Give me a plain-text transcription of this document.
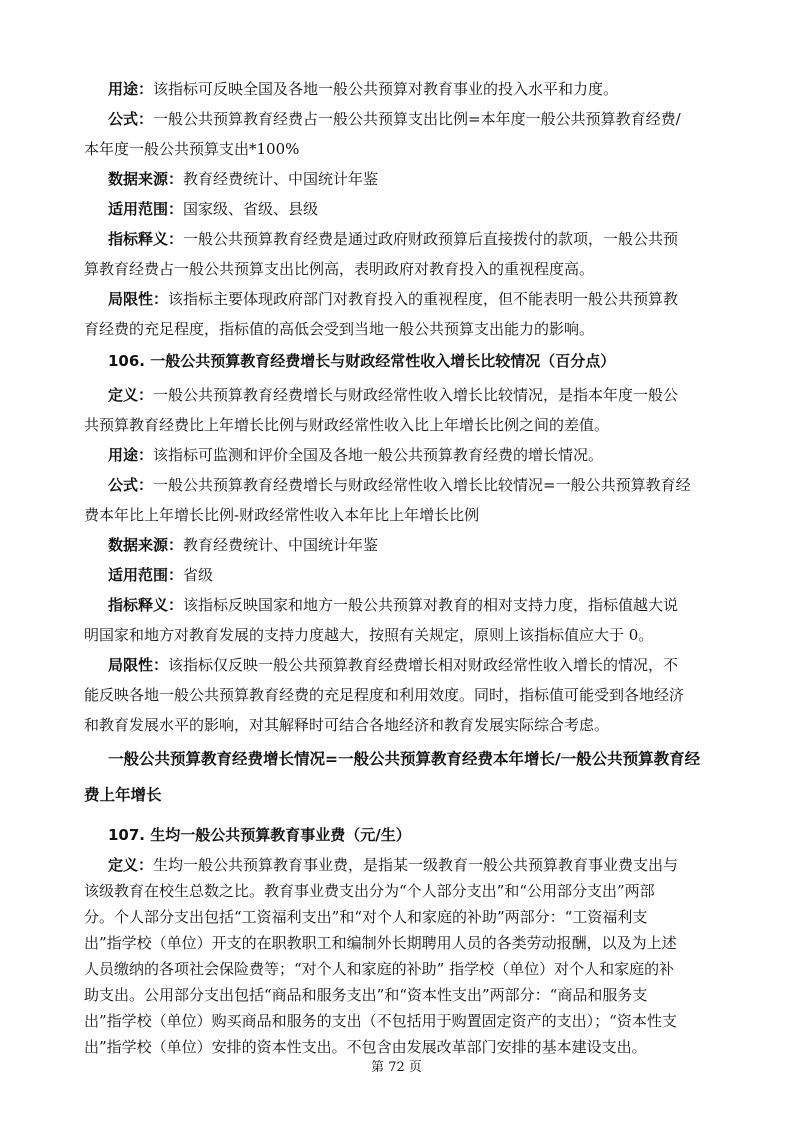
用途：该指标可反映全国及各地一般公共预算对教育事业的投入水平和力度。

公式：一般公共预算教育经费占一般公共预算支出比例=本年度一般公共预算教育经费/

本年度一般公共预算支出*100%

数据来源：教育经费统计、中国统计年鉴

适用范围：国家级、省级、县级

指标释义：一般公共预算教育经费是通过政府财政预算后直接拨付的款项，一般公共预

算教育经费占一般公共预算支出比例高，表明政府对教育投入的重视程度高。

局限性：该指标主要体现政府部门对教育投入的重视程度，但不能表明一般公共预算教

育经费的充足程度，指标值的高低会受到当地一般公共预算支出能力的影响。

106. 一般公共预算教育经费增长与财政经常性收入增长比较情况（百分点）

定义：一般公共预算教育经费增长与财政经常性收入增长比较情况，是指本年度一般公

共预算教育经费比上年增长比例与财政经常性收入比上年增长比例之间的差值。

用途：该指标可监测和评价全国及各地一般公共预算教育经费的增长情况。

公式：一般公共预算教育经费增长与财政经常性收入增长比较情况=一般公共预算教育经

费本年比上年增长比例-财政经常性收入本年比上年增长比例

数据来源：教育经费统计、中国统计年鉴

适用范围：省级

指标释义：该指标反映国家和地方一般公共预算对教育的相对支持力度，指标值越大说

明国家和地方对教育发展的支持力度越大，按照有关规定，原则上该指标值应大于 0。

局限性：该指标仅反映一般公共预算教育经费增长相对财政经常性收入增长的情况，不

能反映各地一般公共预算教育经费的充足程度和利用效度。同时，指标值可能受到各地经济

和教育发展水平的影响，对其解释时可结合各地经济和教育发展实际综合考虑。

一般公共预算教育经费增长情况=一般公共预算教育经费本年增长/一般公共预算教育经

费上年增长

107. 生均一般公共预算教育事业费（元/生）

定义：生均一般公共预算教育事业费，是指某一级教育一般公共预算教育事业费支出与

该级教育在校生总数之比。教育事业费支出分为“个人部分支出”和“公用部分支出”两部

分。个人部分支出包括“工资福利支出”和“对个人和家庭的补助”两部分：“工资福利支

出”指学校（单位）开支的在职教职工和编制外长期聘用人员的各类劳动报酬，以及为上述

人员缴纳的各项社会保险费等；“对个人和家庭的补助” 指学校（单位）对个人和家庭的补

助支出。公用部分支出包括“商品和服务支出”和“资本性支出”两部分：“商品和服务支

出”指学校（单位）购买商品和服务的支出（不包括用于购置固定资产的支出）；“资本性支

出”指学校（单位）安排的资本性支出。不包含由发展改革部门安排的基本建设支出。

第 72 页
